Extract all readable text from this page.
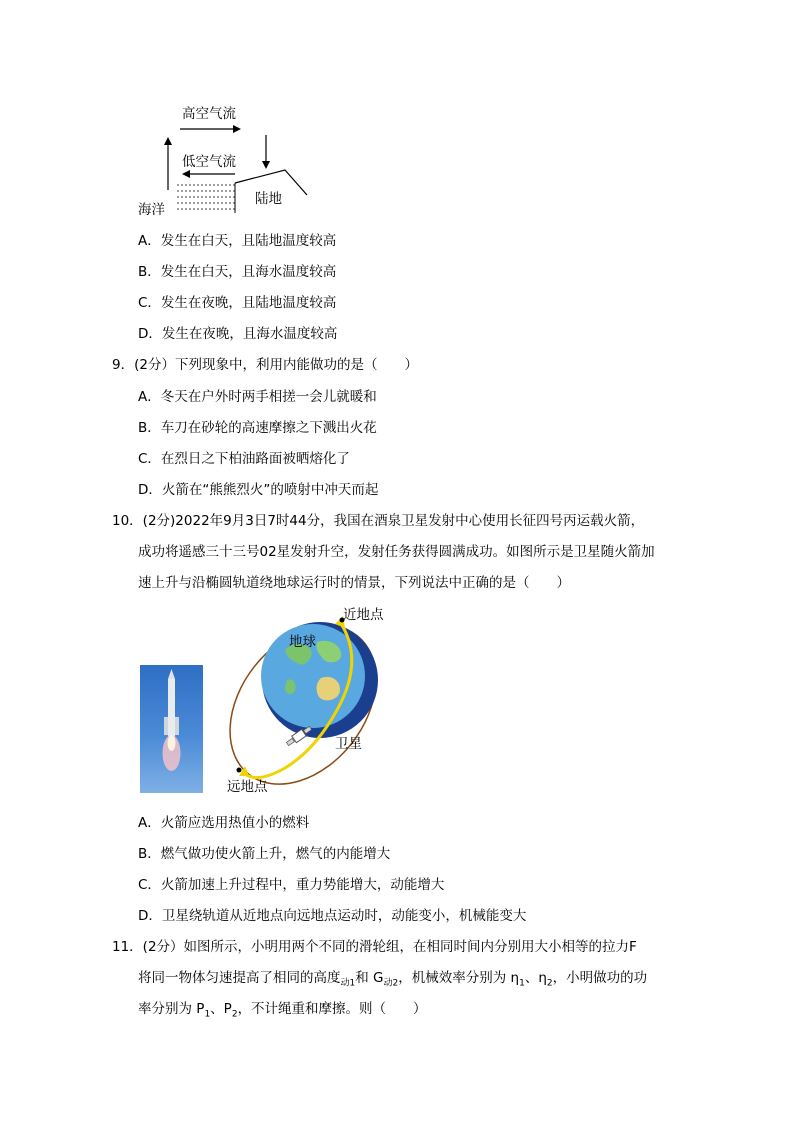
高空气流
低空气流
海洋
陆地
A．发生在白天，且陆地温度较高
B．发生在白天，且海水温度较高
C．发生在夜晚，且陆地温度较高
D．发生在夜晚，且海水温度较高
9．(2分）下列现象中，利用内能做功的是（　　）
A．冬天在户外时两手相搓一会儿就暖和
B．车刀在砂轮的高速摩擦之下溅出火花
C．在烈日之下柏油路面被晒熔化了
D．火箭在“熊熊烈火”的喷射中冲天而起
10．(2分)2022年9月3日7时44分，我国在酒泉卫星发射中心使用长征四号丙运载火箭，
成功将遥感三十三号02星发射升空，发射任务获得圆满成功。如图所示是卫星随火箭加
速上升与沿椭圆轨道绕地球运行时的情景，下列说法中正确的是（　　）
近地点
地球
卫星
远地点
A．火箭应选用热值小的燃料
B．燃气做功使火箭上升，燃气的内能增大
C．火箭加速上升过程中，重力势能增大，动能增大
D．卫星绕轨道从近地点向远地点运动时，动能变小，机械能变大
11．(2分）如图所示，小明用两个不同的滑轮组，在相同时间内分别用大小相等的拉力F
将同一物体匀速提高了相同的高度$_{动1}$和 $G_{动2}$，机械效率分别为 $\eta_1$、$\eta_2$，小明做功的功
率分别为 $P_1$、$P_2$，不计绳重和摩擦。则（　　）
